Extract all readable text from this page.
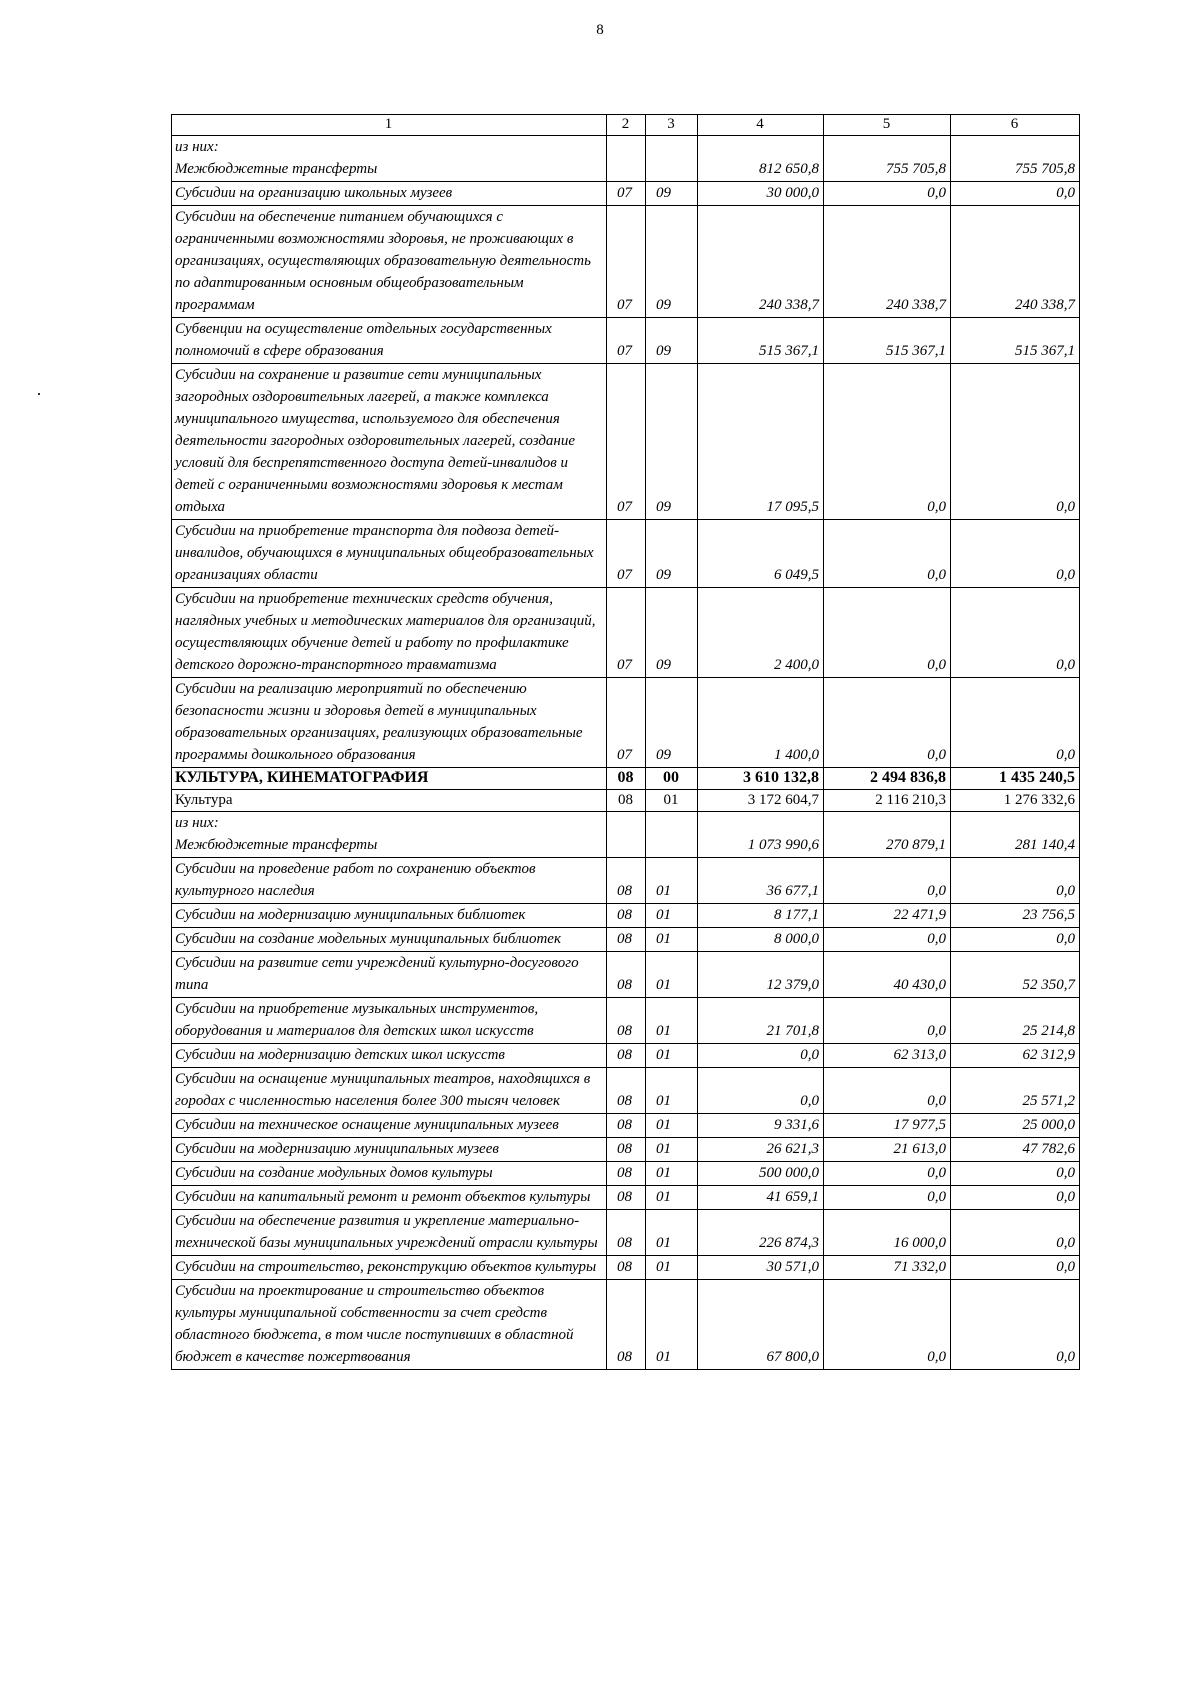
8
1	2	3	4	5	6

из них:
Межбюджетные трансферты			812 650,8	755 705,8	755 705,8

Субсидии на организацию школьных музеев	07	09	30 000,0	0,0	0,0

Субсидии на обеспечение питанием обучающихся с ограниченными возможностями здоровья, не проживающих в организациях, осуществляющих образовательную деятельность по адаптированным основным общеобразовательным программам	07	09	240 338,7	240 338,7	240 338,7

Субвенции на осуществление отдельных государственных полномочий в сфере образования	07	09	515 367,1	515 367,1	515 367,1

Субсидии на сохранение и развитие сети муниципальных загородных оздоровительных лагерей, а также комплекса муниципального имущества, используемого для обеспечения деятельности загородных оздоровительных лагерей, создание условий для беспрепятственного доступа детей-инвалидов и детей с ограниченными возможностями здоровья к местам отдыха	07	09	17 095,5	0,0	0,0

Субсидии на приобретение транспорта для подвоза детей-инвалидов, обучающихся в муниципальных общеобразовательных организациях области	07	09	6 049,5	0,0	0,0

Субсидии на приобретение технических средств обучения, наглядных учебных и методических материалов для организаций, осуществляющих обучение детей и работу по профилактике детского дорожно-транспортного травматизма	07	09	2 400,0	0,0	0,0

Субсидии на реализацию мероприятий по обеспечению безопасности жизни и здоровья детей в муниципальных образовательных организациях, реализующих образовательные программы дошкольного образования	07	09	1 400,0	0,0	0,0

КУЛЬТУРА, КИНЕМАТОГРАФИЯ	08	00	3 610 132,8	2 494 836,8	1 435 240,5

Культура	08	01	3 172 604,7	2 116 210,3	1 276 332,6

из них:
Межбюджетные трансферты			1 073 990,6	270 879,1	281 140,4

Субсидии на проведение работ по сохранению объектов культурного наследия	08	01	36 677,1	0,0	0,0

Субсидии на модернизацию муниципальных библиотек	08	01	8 177,1	22 471,9	23 756,5

Субсидии на создание модельных муниципальных библиотек	08	01	8 000,0	0,0	0,0

Субсидии на развитие сети учреждений культурно-досугового типа	08	01	12 379,0	40 430,0	52 350,7

Субсидии на приобретение музыкальных инструментов, оборудования и материалов для детских школ искусств	08	01	21 701,8	0,0	25 214,8

Субсидии на модернизацию детских школ искусств	08	01	0,0	62 313,0	62 312,9

Субсидии на оснащение муниципальных театров, находящихся в городах с численностью населения более 300 тысяч человек	08	01	0,0	0,0	25 571,2

Субсидии на техническое оснащение муниципальных музеев	08	01	9 331,6	17 977,5	25 000,0

Субсидии на модернизацию муниципальных музеев	08	01	26 621,3	21 613,0	47 782,6

Субсидии на создание модульных домов культуры	08	01	500 000,0	0,0	0,0

Субсидии на капитальный ремонт и ремонт объектов культуры	08	01	41 659,1	0,0	0,0

Субсидии на обеспечение развития и укрепление материально-технической базы муниципальных учреждений отрасли культуры	08	01	226 874,3	16 000,0	0,0

Субсидии на строительство, реконструкцию объектов культуры	08	01	30 571,0	71 332,0	0,0

Субсидии на проектирование и строительство объектов культуры муниципальной собственности за счет средств областного бюджета, в том числе поступивших в областной бюджет в качестве пожертвования	08	01	67 800,0	0,0	0,0
